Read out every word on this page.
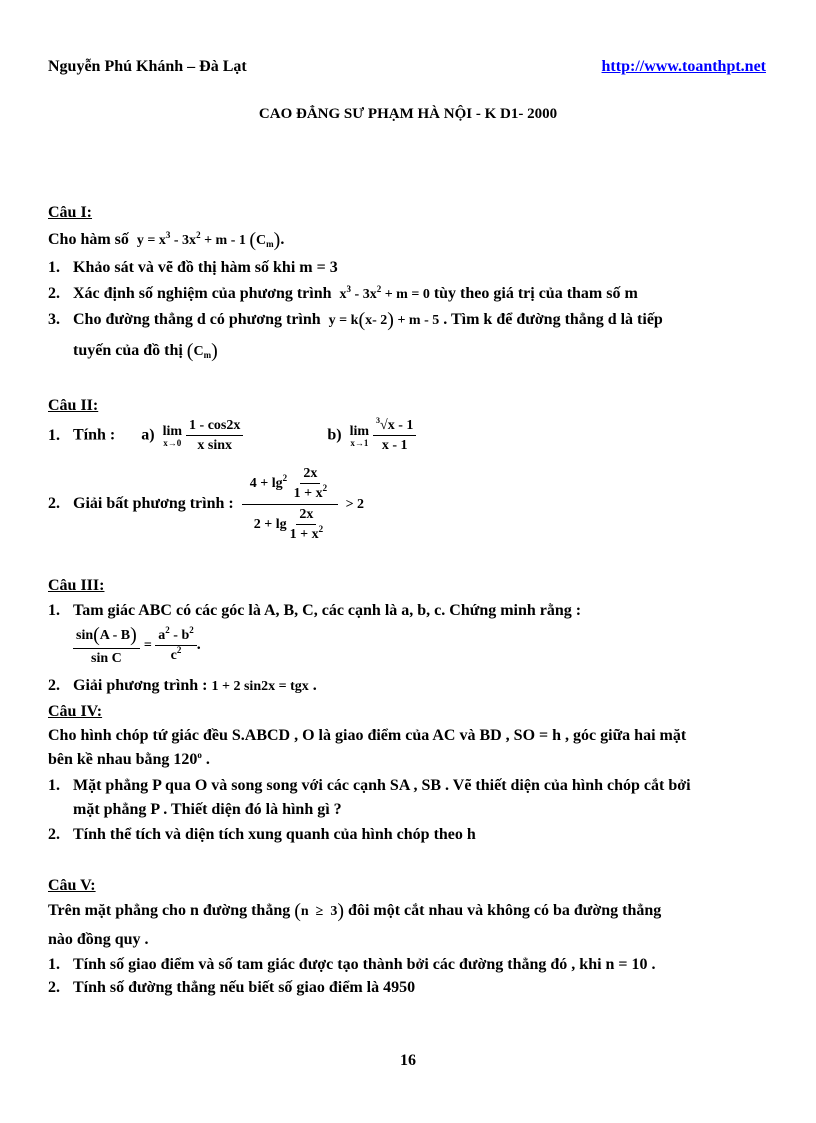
Nguyễn Phú Khánh – Đà Lạt	http://www.toanthpt.net
CAO ĐẲNG SƯ PHẠM HÀ NỘI - K D1- 2000
Câu I:
Cho hàm số $y = x^3 - 3x^2 + m - 1$ $(C_m)$.
1. Khảo sát và vẽ đồ thị hàm số khi m = 3
2. Xác định số nghiệm của phương trình $x^3 - 3x^2 + m = 0$ tùy theo giá trị của tham số m
3. Cho đường thẳng d có phương trình y = k(x- 2) + m - 5 . Tìm k để đường thẳng d là tiếp
tuyến của đồ thị $(C_m)$
Câu II:
1. Tính : a) lim
x→0
$\frac{1 - \cos 2x}{\text{x sinx}}$	b) lim
x→1
$\frac{^3√x - 1}{x - 1}$
2. Giải bất phương trình : $\frac{4 + \lg^2 \frac{2x}{1 + x^2}}{2 + \lg \frac{2x}{1 + x^2}} > 2$
Câu III:
1. Tam giác ABC có các góc là A, B, C, các cạnh là a, b, c. Chứng minh rằng :
$\frac{\sin(A - B)}{\text{sin C}} = \frac{a^2 - b^2}{c^2}$ .
2. Giải phương trình : 1 + 2 sin2x = tgx .
Câu IV:
Cho hình chóp tứ giác đều S.ABCD , O là giao điểm của AC và BD , SO = h , góc giữa hai mặt
bên kề nhau bằng 120$^o$ .
1. Mặt phẳng P qua O và song song với các cạnh SA , SB . Vẽ thiết diện của hình chóp cắt bởi
mặt phẳng P . Thiết diện đó là hình gì ?
2. Tính thể tích và diện tích xung quanh của hình chóp theo h
Câu V:
Trên mặt phẳng cho n đường thẳng (n  ≥  3) đôi một cắt nhau và không có ba đường thẳng
nào đồng quy .
1. Tính số giao điểm và số tam giác được tạo thành bởi các đường thẳng đó , khi n = 10 .
2. Tính số đường thẳng nếu biết số giao điểm là 4950
16
